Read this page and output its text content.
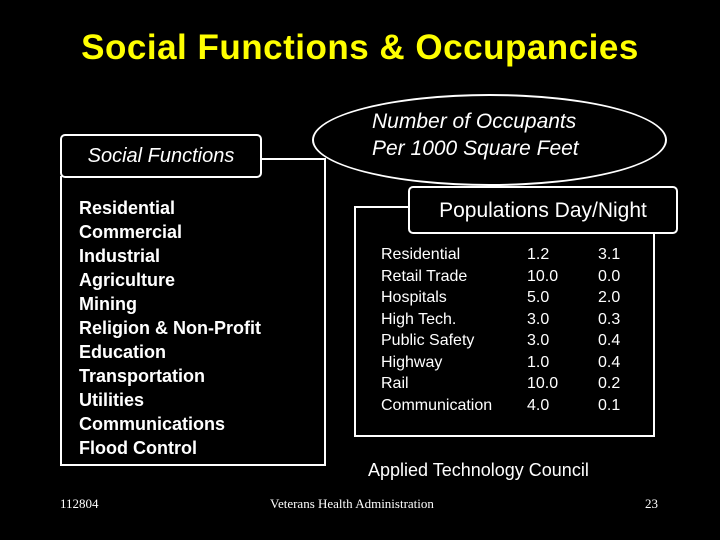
Social Functions & Occupancies
Social Functions
Residential
Commercial
Industrial
Agriculture
Mining
Religion & Non-Profit
Education
Transportation
Utilities
Communications
Flood Control
Number of Occupants
Per 1000 Square Feet
Populations Day/Night
Residential	1.2	3.1
Retail Trade	10.0	0.0
Hospitals	5.0	2.0
High Tech.	3.0	0.3
Public Safety	3.0	0.4
Highway	1.0	0.4
Rail	10.0	0.2
Communication	4.0	0.1
Applied Technology Council
112804	Veterans Health Administration	23
